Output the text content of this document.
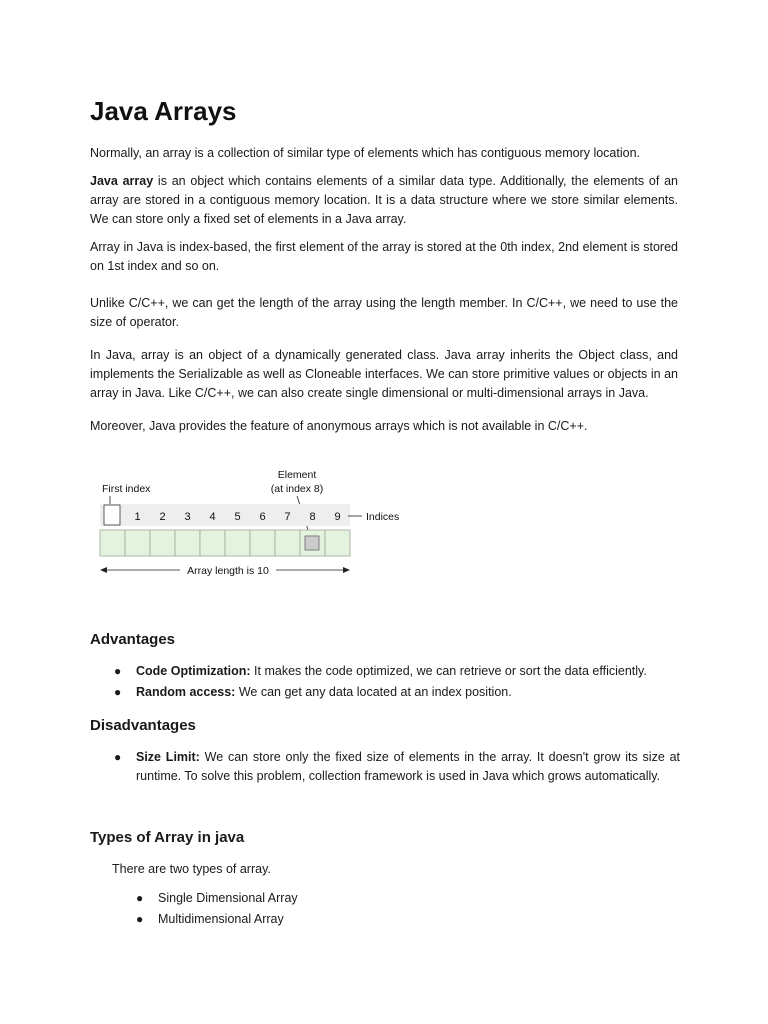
Java Arrays

Normally, an array is a collection of similar type of elements which has contiguous memory location.

Java array is an object which contains elements of a similar data type. Additionally, the elements of an array are stored in a contiguous memory location. It is a data structure where we store similar elements. We can store only a fixed set of elements in a Java array.

Array in Java is index-based, the first element of the array is stored at the 0th index, 2nd element is stored on 1st index and so on.

Unlike C/C++, we can get the length of the array using the length member. In C/C++, we need to use the size of operator.

In Java, array is an object of a dynamically generated class. Java array inherits the Object class, and implements the Serializable as well as Cloneable interfaces. We can store primitive values or objects in an array in Java. Like C/C++, we can also create single dimensional or multi-dimensional arrays in Java.

Moreover, Java provides the feature of anonymous arrays which is not available in C/C++.

First index
Element
(at index 8)
1 2 3 4 5 6 7 8 9 Indices
Array length is 10
Advantages
● Code Optimization: It makes the code optimized, we can retrieve or sort the data efficiently.
● Random access: We can get any data located at an index position.
Disadvantages
● Size Limit: We can store only the fixed size of elements in the array. It doesn't grow its size at runtime. To solve this problem, collection framework is used in Java which grows automatically.
Types of Array in java

There are two types of array.

● Single Dimensional Array
● Multidimensional Array
